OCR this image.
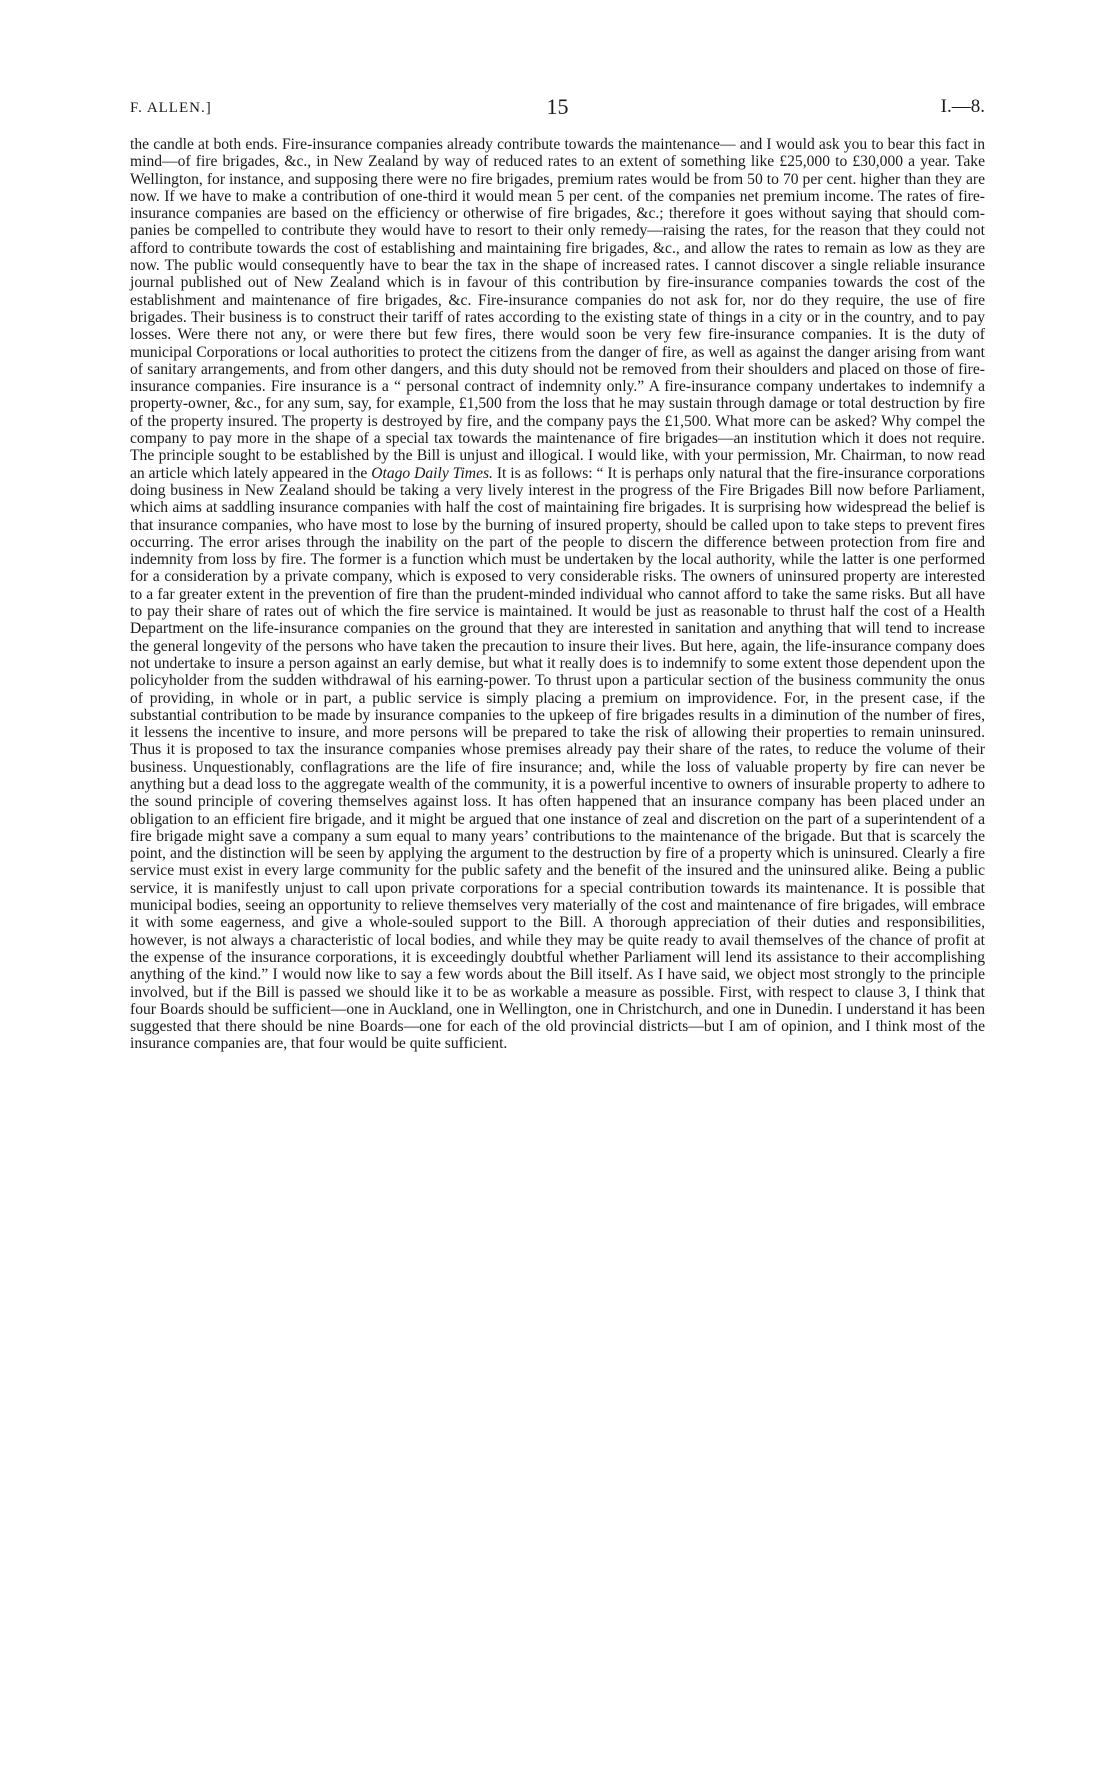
F. ALLEN.]	15	I.—8.

the candle at both ends. Fire-insurance companies already contribute towards the maintenance— and I would ask you to bear this fact in mind—of fire brigades, &c., in New Zealand by way of reduced rates to an extent of something like £25,000 to £30,000 a year. Take Wellington, for instance, and supposing there were no fire brigades, premium rates would be from 50 to 70 per cent. higher than they are now. If we have to make a contribution of one-third it would mean 5 per cent. of the companies net premium income. The rates of fire-insurance companies are based on the efficiency or otherwise of fire brigades, &c.; therefore it goes without saying that should companies be compelled to contribute they would have to resort to their only remedy—raising the rates, for the reason that they could not afford to contribute towards the cost of establishing and maintaining fire brigades, &c., and allow the rates to remain as low as they are now. The public would consequently have to bear the tax in the shape of increased rates. I cannot discover a single reliable insurance journal published out of New Zealand which is in favour of this contribution by fire-insurance companies towards the cost of the establishment and maintenance of fire brigades, &c. Fire-insurance companies do not ask for, nor do they require, the use of fire brigades. Their business is to construct their tariff of rates according to the existing state of things in a city or in the country, and to pay losses. Were there not any, or were there but few fires, there would soon be very few fire-insurance companies. It is the duty of municipal Corporations or local authorities to protect the citizens from the danger of fire, as well as against the danger arising from want of sanitary arrangements, and from other dangers, and this duty should not be removed from their shoulders and placed on those of fire-insurance companies. Fire insurance is a “ personal contract of indemnity only.” A fire-insurance company undertakes to indemnify a property-owner, &c., for any sum, say, for example, £1,500 from the loss that he may sustain through damage or total destruction by fire of the property insured. The property is destroyed by fire, and the company pays the £1,500. What more can be asked? Why compel the company to pay more in the shape of a special tax towards the maintenance of fire brigades—an institution which it does not require. The principle sought to be established by the Bill is unjust and illogical. I would like, with your permission, Mr. Chairman, to now read an article which lately appeared in the Otago Daily Times. It is as follows: “ It is perhaps only natural that the fire-insurance corporations doing business in New Zealand should be taking a very lively interest in the progress of the Fire Brigades Bill now before Parliament, which aims at saddling insurance companies with half the cost of maintaining fire brigades. It is surprising how widespread the belief is that insurance companies, who have most to lose by the burning of insured property, should be called upon to take steps to prevent fires occurring. The error arises through the inability on the part of the people to discern the difference between protection from fire and indemnity from loss by fire. The former is a function which must be undertaken by the local authority, while the latter is one performed for a consideration by a private company, which is exposed to very considerable risks. The owners of uninsured property are interested to a far greater extent in the prevention of fire than the prudent-minded individual who cannot afford to take the same risks. But all have to pay their share of rates out of which the fire service is maintained. It would be just as reasonable to thrust half the cost of a Health Department on the life-insurance companies on the ground that they are interested in sanitation and anything that will tend to increase the general longevity of the persons who have taken the precaution to insure their lives. But here, again, the life-insurance company does not undertake to insure a person against an early demise, but what it really does is to indemnify to some extent those dependent upon the policyholder from the sudden withdrawal of his earning-power. To thrust upon a particular section of the business community the onus of providing, in whole or in part, a public service is simply placing a premium on improvidence. For, in the present case, if the substantial contribution to be made by insurance companies to the upkeep of fire brigades results in a diminution of the number of fires, it lessens the incentive to insure, and more persons will be prepared to take the risk of allowing their properties to remain uninsured. Thus it is proposed to tax the insurance companies whose premises already pay their share of the rates, to reduce the volume of their business. Unquestionably, conflagrations are the life of fire insurance; and, while the loss of valuable property by fire can never be anything but a dead loss to the aggregate wealth of the community, it is a powerful incentive to owners of insurable property to adhere to the sound principle of covering themselves against loss. It has often happened that an insurance company has been placed under an obligation to an efficient fire brigade, and it might be argued that one instance of zeal and discretion on the part of a superintendent of a fire brigade might save a company a sum equal to many years’ contributions to the maintenance of the brigade. But that is scarcely the point, and the distinction will be seen by applying the argument to the destruction by fire of a property which is uninsured. Clearly a fire service must exist in every large community for the public safety and the benefit of the insured and the uninsured alike. Being a public service, it is manifestly unjust to call upon private corporations for a special contribution towards its maintenance. It is possible that municipal bodies, seeing an opportunity to relieve themselves very materially of the cost and maintenance of fire brigades, will embrace it with some eagerness, and give a whole-souled support to the Bill. A thorough appreciation of their duties and responsibilities, however, is not always a characteristic of local bodies, and while they may be quite ready to avail themselves of the chance of profit at the expense of the insurance corporations, it is exceedingly doubtful whether Parliament will lend its assistance to their accomplishing anything of the kind.” I would now like to say a few words about the Bill itself. As I have said, we object most strongly to the principle involved, but if the Bill is passed we should like it to be as workable a measure as possible. First, with respect to clause 3, I think that four Boards should be sufficient—one in Auckland, one in Wellington, one in Christchurch, and one in Dunedin. I understand it has been suggested that there should be nine Boards—one for each of the old provincial districts—but I am of opinion, and I think most of the insurance companies are, that four would be quite sufficient.
